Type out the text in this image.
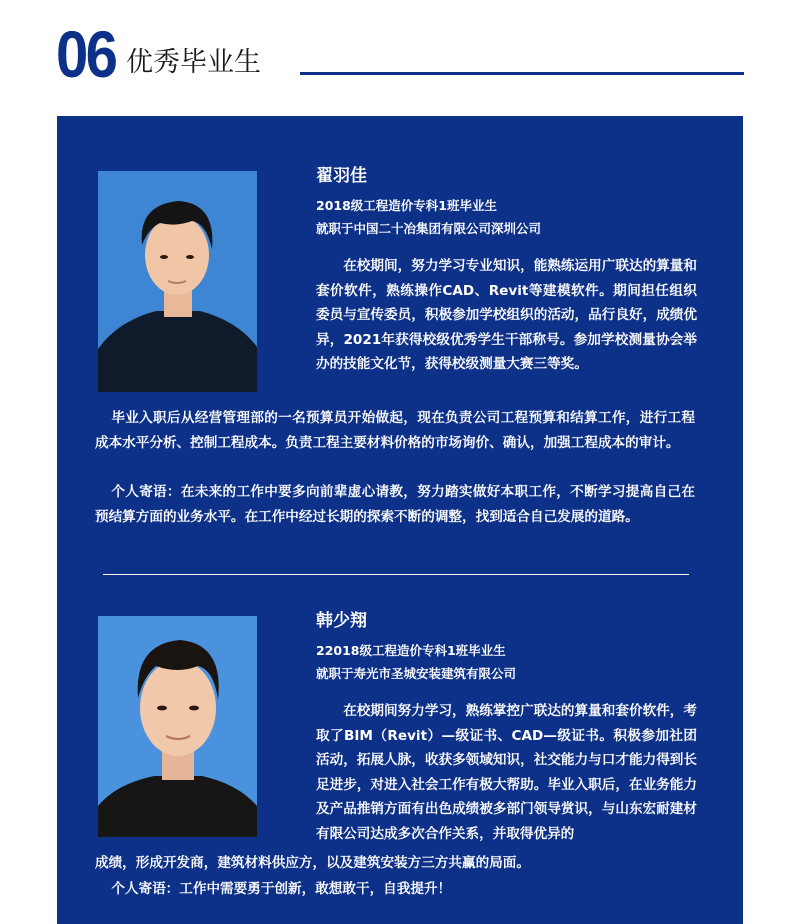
06 优秀毕业生
翟羽佳
2018级工程造价专科1班毕业生
就职于中国二十冶集团有限公司深圳公司
在校期间，努力学习专业知识，能熟练运用广联达的算量和套价软件，熟练操作CAD、Revit等建模软件。期间担任组织委员与宣传委员，积极参加学校组织的活动，品行良好，成绩优异，2021年获得校级优秀学生干部称号。参加学校测量协会举办的技能文化节，获得校级测量大赛三等奖。
毕业入职后从经营管理部的一名预算员开始做起，现在负责公司工程预算和结算工作，进行工程成本水平分析、控制工程成本。负责工程主要材料价格的市场询价、确认，加强工程成本的审计。
个人寄语：在未来的工作中要多向前辈虚心请教，努力踏实做好本职工作，不断学习提高自己在预结算方面的业务水平。在工作中经过长期的探索不断的调整，找到适合自己发展的道路。
韩少翔
22018级工程造价专科1班毕业生
就职于寿光市圣城安装建筑有限公司
在校期间努力学习，熟练掌控广联达的算量和套价软件，考取了BIM（Revit）—级证书、CAD—级证书。积极参加社团活动，拓展人脉，收获多领域知识，社交能力与口才能力得到长足进步，对进入社会工作有极大帮助。毕业入职后，在业务能力及产品推销方面有出色成绩被多部门领导赏识，与山东宏耐建材有限公司达成多次合作关系，并取得优异的
成绩，形成开发商，建筑材料供应方，以及建筑安装方三方共赢的局面。
个人寄语：工作中需要勇于创新，敢想敢干，自我提升！
